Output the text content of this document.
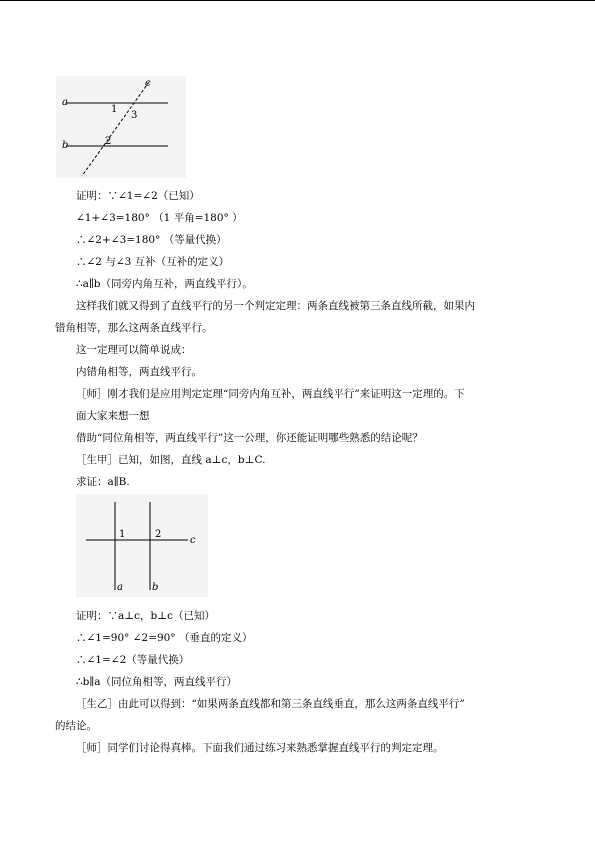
a
b
c
1
3
2
证明：∵∠1=∠2（已知）
∠1+∠3=180° （1 平角=180° ）
∴∠2+∠3=180° （等量代换）
∴∠2 与∠3 互补（互补的定义）
∴a∥b（同旁内角互补，两直线平行）。
这样我们就又得到了直线平行的另一个判定定理：两条直线被第三条直线所截，如果内
错角相等，那么这两条直线平行。
这一定理可以简单说成：
内错角相等，两直线平行。
［师］刚才我们是应用判定定理“同旁内角互补，两直线平行”来证明这一定理的。下
面大家来想一想
借助“同位角相等，两直线平行”这一公理，你还能证明哪些熟悉的结论呢？
［生甲］已知，如图，直线 a⊥c，b⊥C.
求证：a∥B.
1	2
c
a	b
证明：∵a⊥c，b⊥c（已知）
∴∠1=90° ∠2=90° （垂直的定义）
∴∠1=∠2（等量代换）
∴b∥a（同位角相等，两直线平行）
［生乙］由此可以得到：“如果两条直线都和第三条直线垂直，那么这两条直线平行”
的结论。
［师］同学们讨论得真棒。下面我们通过练习来熟悉掌握直线平行的判定定理。
